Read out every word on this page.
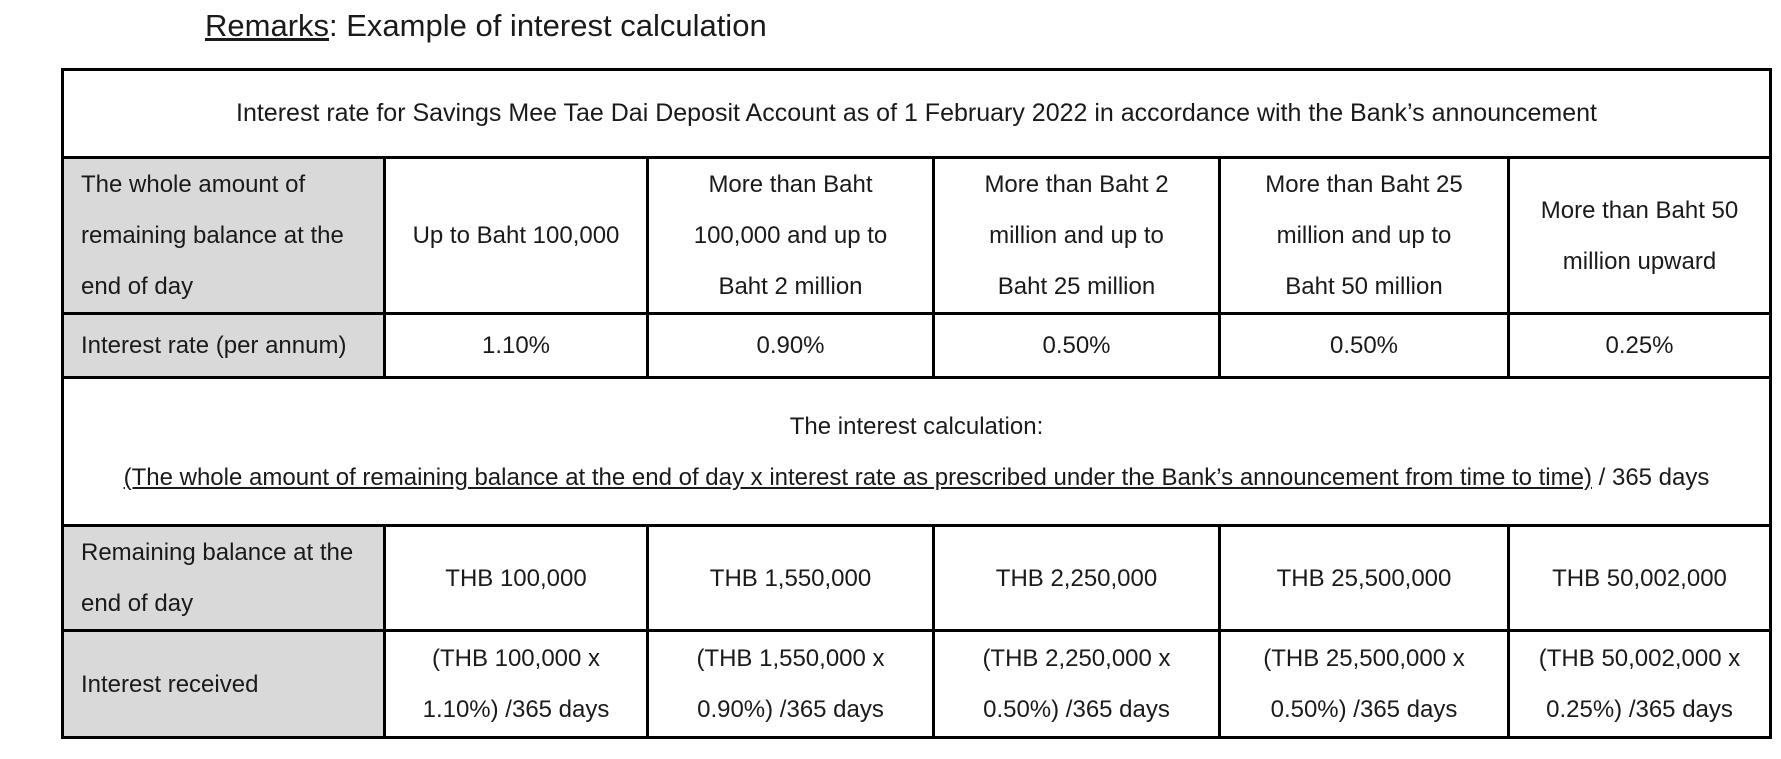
Remarks: Example of interest calculation
Interest rate for Savings Mee Tae Dai Deposit Account as of 1 February 2022 in accordance with the Bank’s announcement					
The whole amount of remaining balance at the end of day	Up to Baht 100,000	More than Baht 100,000 and up to Baht 2 million	More than Baht 2 million and up to Baht 25 million	More than Baht 25 million and up to Baht 50 million	More than Baht 50 million upward
Interest rate (per annum)	1.10%	0.90%	0.50%	0.50%	0.25%

The interest calculation:
(The whole amount of remaining balance at the end of day x interest rate as prescribed under the Bank’s announcement from time to time) / 365 days					

Remaining balance at the end of day	THB 100,000	THB 1,550,000	THB 2,250,000	THB 25,500,000	THB 50,002,000
Interest received	(THB 100,000 x 1.10%) /365 days	(THB 1,550,000 x 0.90%) /365 days	(THB 2,250,000 x 0.50%) /365 days	(THB 25,500,000 x 0.50%) /365 days	(THB 50,002,000 x 0.25%) /365 days
